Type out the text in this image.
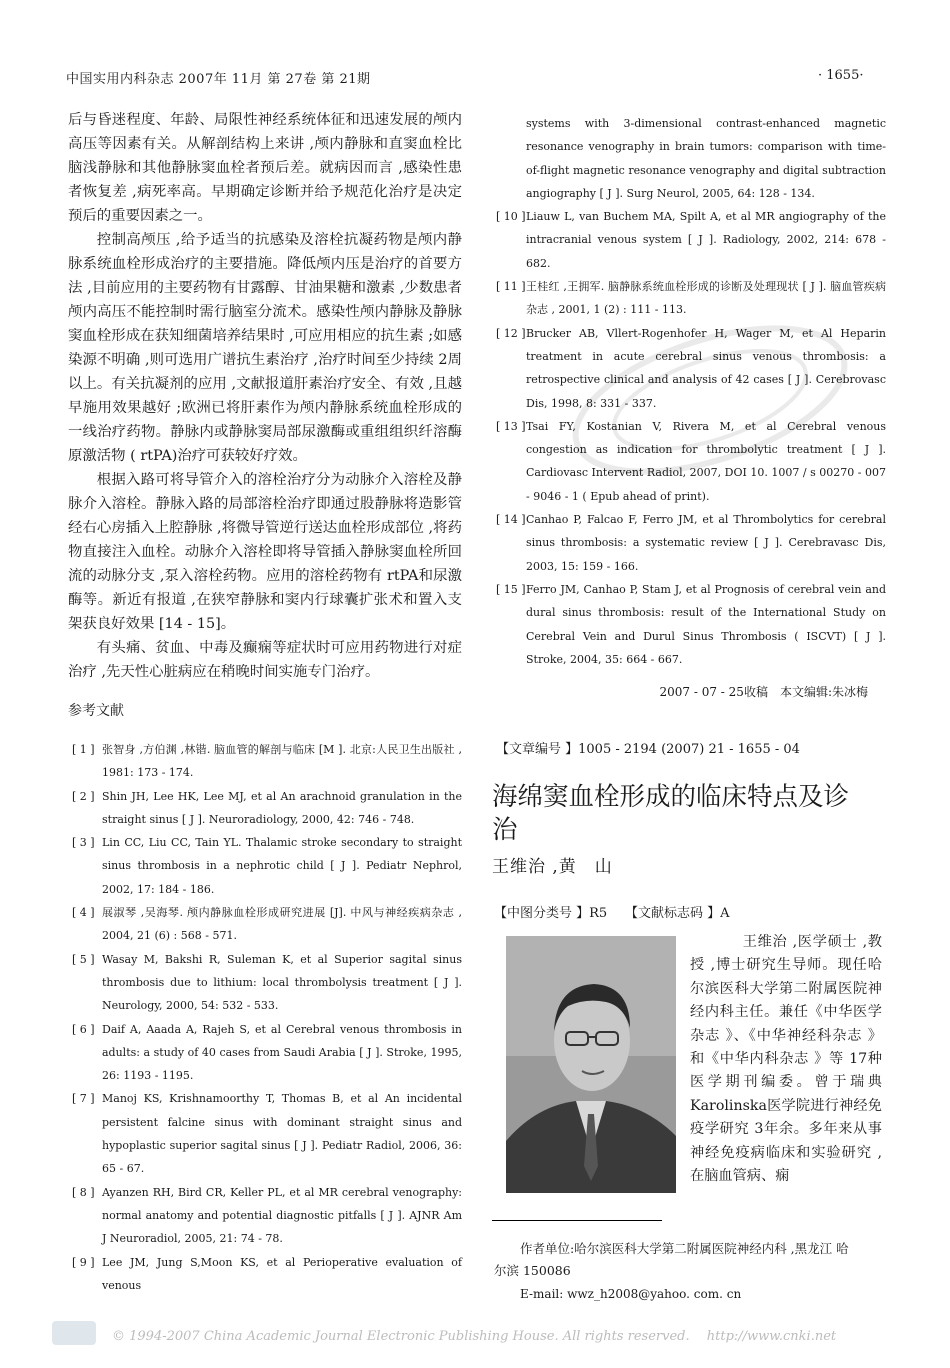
中国实用内科杂志 2007年 11月 第 27卷 第 21期	· 1655·

后与昏迷程度、年龄、局限性神经系统体征和迅速发展的颅内高压等因素有关。从解剖结构上来讲 ,颅内静脉和直窦血栓比脑浅静脉和其他静脉窦血栓者预后差。就病因而言 ,感染性患者恢复差 ,病死率高。早期确定诊断并给予规范化治疗是决定预后的重要因素之一。

控制高颅压 ,给予适当的抗感染及溶栓抗凝药物是颅内静脉系统血栓形成治疗的主要措施。降低颅内压是治疗的首要方法 ,目前应用的主要药物有甘露醇、甘油果糖和激素 ,少数患者颅内高压不能控制时需行脑室分流术。感染性颅内静脉及静脉窦血栓形成在获知细菌培养结果时 ,可应用相应的抗生素 ;如感染源不明确 ,则可选用广谱抗生素治疗 ,治疗时间至少持续 2周以上。有关抗凝剂的应用 ,文献报道肝素治疗安全、有效 ,且越早施用效果越好 ;欧洲已将肝素作为颅内静脉系统血栓形成的一线治疗药物。静脉内或静脉窦局部尿激酶或重组组织纤溶酶原激活物 ( rtPA)治疗可获较好疗效。

根据入路可将导管介入的溶栓治疗分为动脉介入溶栓及静脉介入溶栓。静脉入路的局部溶栓治疗即通过股静脉将造影管经右心房插入上腔静脉 ,将微导管逆行送达血栓形成部位 ,将药物直接注入血栓。动脉介入溶栓即将导管插入静脉窦血栓所回流的动脉分支 ,泵入溶栓药物。应用的溶栓药物有 rtPA和尿激酶等。新近有报道 ,在狭窄静脉和窦内行球囊扩张术和置入支架获良好效果 [14 - 15]。

有头痛、贫血、中毒及癫痫等症状时可应用药物进行对症治疗 ,先天性心脏病应在稍晚时间实施专门治疗。

参考文献
[ 1 ] 张智身 ,方伯渊 ,林锴. 脑血管的解剖与临床 [M ]. 北京:人民卫生出版社 , 1981: 173 - 174.
[ 2 ] Shin JH, Lee HK, Lee MJ, et al An arachnoid granulation in the straight sinus [ J ]. Neuroradiology, 2000, 42: 746 - 748.
[ 3 ] Lin CC, Liu CC, Tain YL. Thalamic stroke secondary to straight sinus thrombosis in a nephrotic child [ J ]. Pediatr Nephrol, 2002, 17: 184 - 186.
[ 4 ] 展淑琴 ,吴海琴. 颅内静脉血栓形成研究进展 [J]. 中风与神经疾病杂志 , 2004, 21 (6) : 568 - 571.
[ 5 ] Wasay M, Bakshi R, Suleman K, et al Superior sagital sinus thrombosis due to lithium: local thrombolysis treatment [ J ]. Neurology, 2000, 54: 532 - 533.
[ 6 ] Daif A, Aaada A, Rajeh S, et al Cerebral venous thrombosis in adults: a study of 40 cases from Saudi Arabia [ J ]. Stroke, 1995, 26: 1193 - 1195.
[ 7 ] Manoj KS, Krishnamoorthy T, Thomas B, et al An incidental persistent falcine sinus with dominant straight sinus and hypoplastic superior sagital sinus [ J ]. Pediatr Radiol, 2006, 36: 65 - 67.
[ 8 ] Ayanzen RH, Bird CR, Keller PL, et al MR cerebral venography: normal anatomy and potential diagnostic pitfalls [ J ]. AJNR Am J Neuroradiol, 2005, 21: 74 - 78.
[ 9 ] Lee JM, Jung S,Moon KS, et al Perioperative evaluation of venous
systems with 3-dimensional contrast-enhanced magnetic resonance venography in brain tumors: comparison with time-of-flight magnetic resonance venography and digital subtraction angiography [ J ]. Surg Neurol, 2005, 64: 128 - 134.
[ 10 ] Liauw L, van Buchem MA, Spilt A, et al MR angiography of the intracranial venous system [ J ]. Radiology, 2002, 214: 678 - 682.
[ 11 ] 王桂红 ,王拥军. 脑静脉系统血栓形成的诊断及处理现状 [ J ]. 脑血管疾病杂志 , 2001, 1 (2) : 111 - 113.
[ 12 ] Brucker AB, Vllert-Rogenhofer H, Wager M, et Al Heparin treatment in acute cerebral sinus venous thrombosis: a retrospective clinical and analysis of 42 cases [ J ]. Cerebrovasc Dis, 1998, 8: 331 - 337.
[ 13 ] Tsai FY, Kostanian V, Rivera M, et al Cerebral venous congestion as indication for thrombolytic treatment [ J ]. Cardiovasc Intervent Radiol, 2007, DOI 10. 1007 / s 00270 - 007 - 9046 - 1 ( Epub ahead of print).
[ 14 ] Canhao P, Falcao F, Ferro JM, et al Thrombolytics for cerebral sinus thrombosis: a systematic review [ J ]. Cerebravasc Dis, 2003, 15: 159 - 166.
[ 15 ] Ferro JM, Canhao P, Stam J, et al Prognosis of cerebral vein and dural sinus thrombosis: result of the International Study on Cerebral Vein and Durul Sinus Thrombosis ( ISCVT) [ J ]. Stroke, 2004, 35: 664 - 667.
2007 - 07 - 25收稿　本文编辑:朱冰梅
【文章编号 】1005 - 2194 (2007) 21 - 1655 - 04
海绵窦血栓形成的临床特点及诊治
王维治 ,黄　山
【中图分类号 】R5 【文献标志码 】A

王维治 ,医学硕士 ,教授 ,博士研究生导师。现任哈尔滨医科大学第二附属医院神经内科主任。兼任《中华医学杂志 》、《中华神经科杂志 》和《中华内科杂志 》等 17种医学期刊编委。曾于瑞典 Karolinska医学院进行神经免疫学研究 3年余。多年来从事神经免疫病临床和实验研究 ,在脑血管病、痫

作者单位:哈尔滨医科大学第二附属医院神经内科 ,黑龙江 哈
尔滨 150086

E-mail: wwz_h2008@yahoo. com. cn
© 1994-2007 China Academic Journal Electronic Publishing House. All rights reserved.　 http://www.cnki.net
